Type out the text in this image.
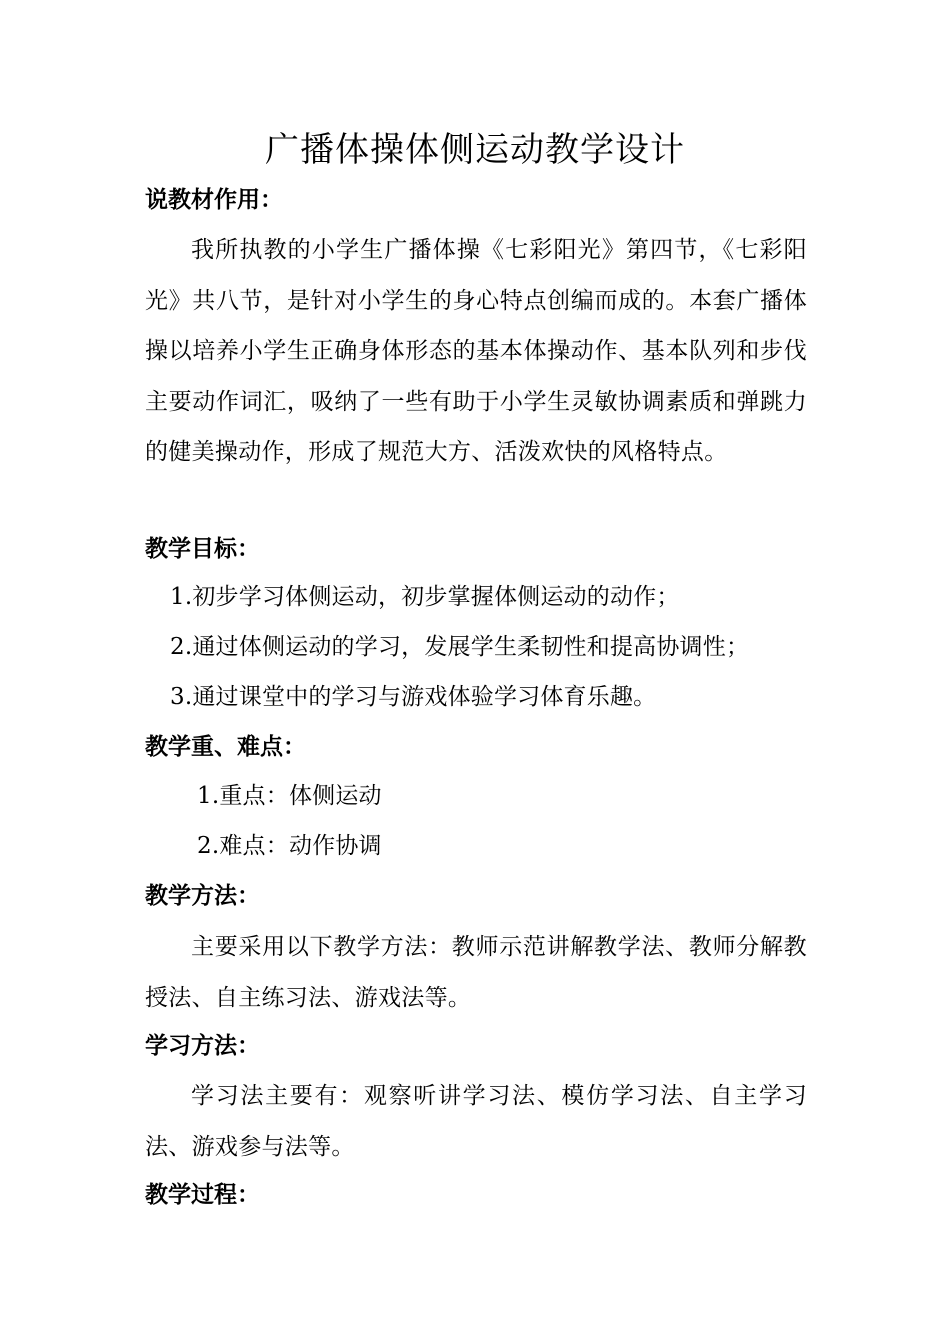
广播体操体侧运动教学设计
说教材作用：
我所执教的小学生广播体操《七彩阳光》第四节，《七彩阳光》共八节，是针对小学生的身心特点创编而成的。本套广播体操以培养小学生正确身体形态的基本体操动作、基本队列和步伐主要动作词汇，吸纳了一些有助于小学生灵敏协调素质和弹跳力的健美操动作，形成了规范大方、活泼欢快的风格特点。
教学目标：
1.初步学习体侧运动，初步掌握体侧运动的动作；
2.通过体侧运动的学习，发展学生柔韧性和提高协调性；
3.通过课堂中的学习与游戏体验学习体育乐趣。
教学重、难点：
1.重点：体侧运动
2.难点：动作协调
教学方法：
主要采用以下教学方法：教师示范讲解教学法、教师分解教授法、自主练习法、游戏法等。
学习方法：
学习法主要有：观察听讲学习法、模仿学习法、自主学习法、游戏参与法等。
教学过程：
